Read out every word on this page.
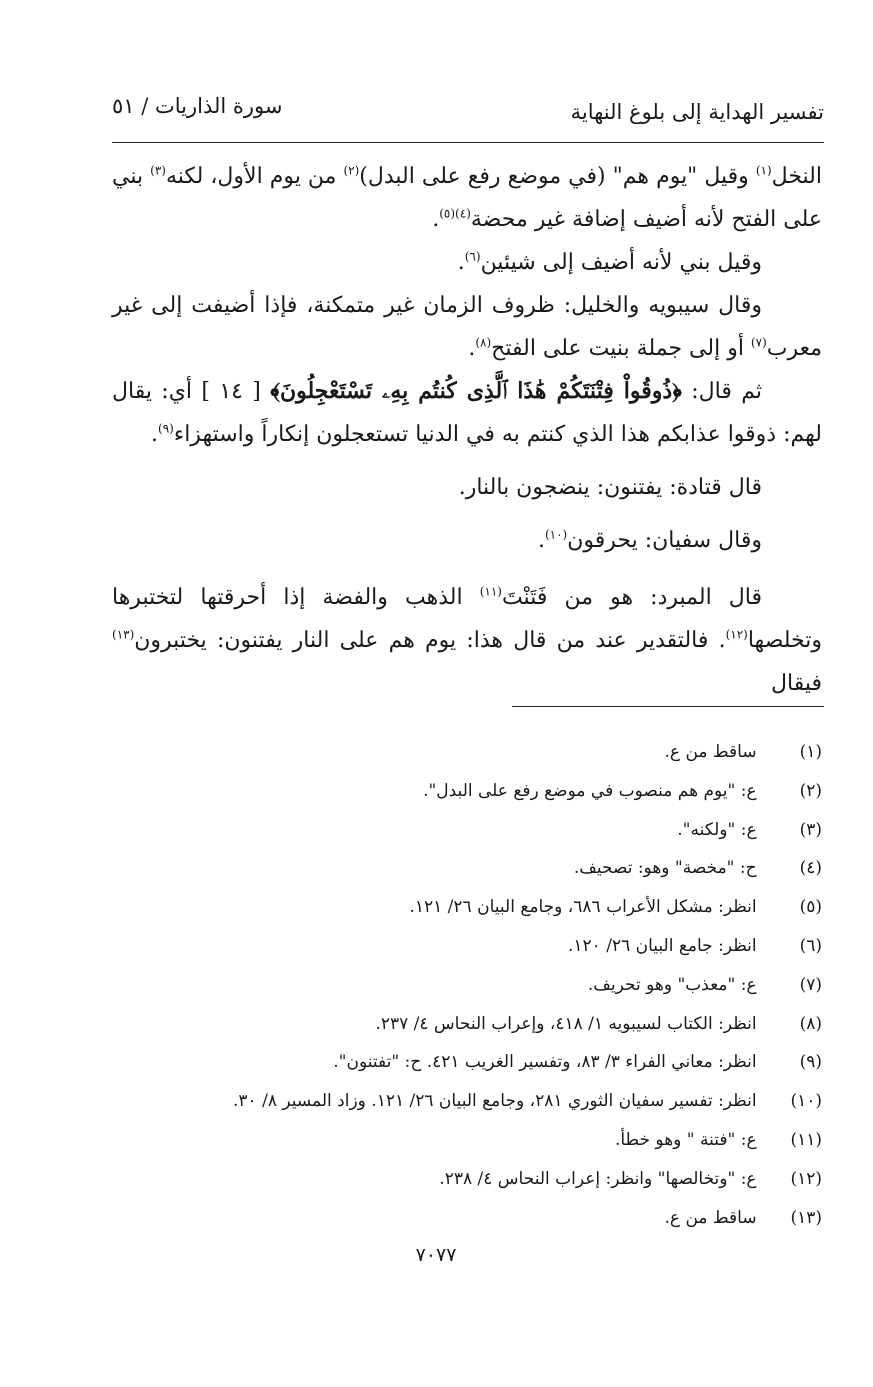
تفسير الهداية إلى بلوغ النهاية
سورة الذاريات / ٥١

النخل$^{(١)}$ وقيل "يوم هم" (في موضع رفع على البدل)$^{(٢)}$ من يوم الأول، لكنه$^{(٣)}$ بني على الفتح لأنه أضيف إضافة غير محضة$^{(٤)(٥)}$.

وقيل بني لأنه أضيف إلى شيئين$^{(٦)}$.

وقال سيبويه والخليل: ظروف الزمان غير متمكنة، فإذا أضيفت إلى غير معرب$^{(٧)}$ أو إلى جملة بنيت على الفتح$^{(٨)}$.

ثم قال: ﴿ذُوقُواْ فِتْنَتَكُمْ هَٰذَا ٱلَّذِى كُنتُم بِهِۦ تَسْتَعْجِلُونَ﴾ [ ١٤ ] أي: يقال لهم: ذوقوا عذابكم هذا الذي كنتم به في الدنيا تستعجلون إنكاراً واستهزاء$^{(٩)}$.

قال قتادة: يفتنون: ينضجون بالنار.

وقال سفيان: يحرقون$^{(١٠)}$.

قال المبرد: هو من فَتَنْتَ$^{(١١)}$ الذهب والفضة إذا أحرقتها لتختبرها وتخلصها$^{(١٢)}$. فالتقدير عند من قال هذا: يوم هم على النار يفتنون: يختبرون$^{(١٣)}$ فيقال

(١) ساقط من ع.
(٢) ع: "يوم هم منصوب في موضع رفع على البدل".
(٣) ع: "ولكنه".
(٤) ح: "مخصة" وهو: تصحيف.
(٥) انظر: مشكل الأعراب ٦٨٦، وجامع البيان ٢٦/ ١٢١.
(٦) انظر: جامع البيان ٢٦/ ١٢٠.
(٧) ع: "معذب" وهو تحريف.
(٨) انظر: الكتاب لسيبويه ١/ ٤١٨، وإعراب النحاس ٤/ ٢٣٧.
(٩) انظر: معاني الفراء ٣/ ٨٣، وتفسير الغريب ٤٢١. ح: "تفتنون".
(١٠) انظر: تفسير سفيان الثوري ٢٨١، وجامع البيان ٢٦/ ١٢١. وزاد المسير ٨/ ٣٠.
(١١) ع: "فتنة " وهو خطأ.
(١٢) ع: "وتخالصها" وانظر: إعراب النحاس ٤/ ٢٣٨.
(١٣) ساقط من ع.
٧٠٧٧
